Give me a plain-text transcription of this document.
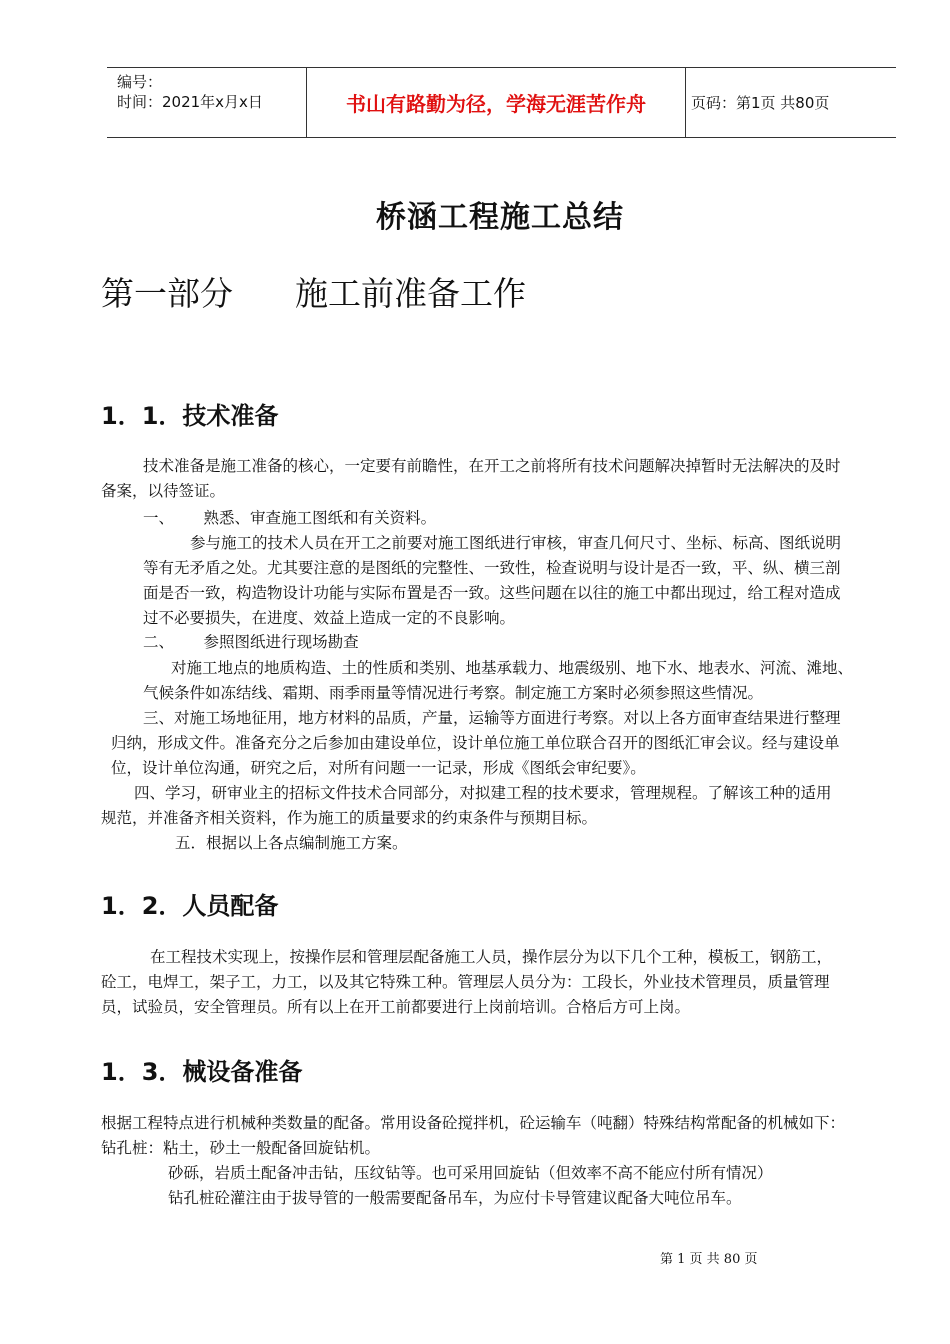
编号：
时间：2021年x月x日	书山有路勤为径，学海无涯苦作舟	页码：第1页 共80页
桥涵工程施工总结
第一部分 施工前准备工作
1．1．技术准备
技术准备是施工准备的核心，一定要有前瞻性，在开工之前将所有技术问题解决掉暂时无法解决的及时
备案，以待签证。
一、      熟悉、审查施工图纸和有关资料。
参与施工的技术人员在开工之前要对施工图纸进行审核，审查几何尺寸、坐标、标高、图纸说明
等有无矛盾之处。尤其要注意的是图纸的完整性、一致性，检查说明与设计是否一致，平、纵、横三剖
面是否一致，构造物设计功能与实际布置是否一致。这些问题在以往的施工中都出现过，给工程对造成
过不必要损失，在进度、效益上造成一定的不良影响。
二、      参照图纸进行现场勘查
对施工地点的地质构造、土的性质和类别、地基承载力、地震级别、地下水、地表水、河流、滩地、
气候条件如冻结线、霜期、雨季雨量等情况进行考察。制定施工方案时必须参照这些情况。
三、对施工场地征用，地方材料的品质，产量，运输等方面进行考察。对以上各方面审查结果进行整理
归纳，形成文件。准备充分之后参加由建设单位，设计单位施工单位联合召开的图纸汇审会议。经与建设单
位，设计单位沟通，研究之后，对所有问题一一记录，形成《图纸会审纪要》。
四、学习，研审业主的招标文件技术合同部分，对拟建工程的技术要求，管理规程。了解该工种的适用
规范，并准备齐相关资料，作为施工的质量要求的约束条件与预期目标。
五．根据以上各点编制施工方案。
1．2．人员配备
在工程技术实现上，按操作层和管理层配备施工人员，操作层分为以下几个工种，模板工，钢筋工，
砼工，电焊工，架子工，力工，以及其它特殊工种。管理层人员分为：工段长，外业技术管理员，质量管理
员，试验员，安全管理员。所有以上在开工前都要进行上岗前培训。合格后方可上岗。
1．3．械设备准备
根据工程特点进行机械种类数量的配备。常用设备砼搅拌机，砼运输车（吨翻）特殊结构常配备的机械如下：
钻孔桩：粘土，砂土一般配备回旋钻机。
砂砾，岩质土配备冲击钻，压纹钻等。也可采用回旋钻（但效率不高不能应付所有情况）
钻孔桩砼灌注由于拔导管的一般需要配备吊车，为应付卡导管建议配备大吨位吊车。
第 1 页 共 80 页
